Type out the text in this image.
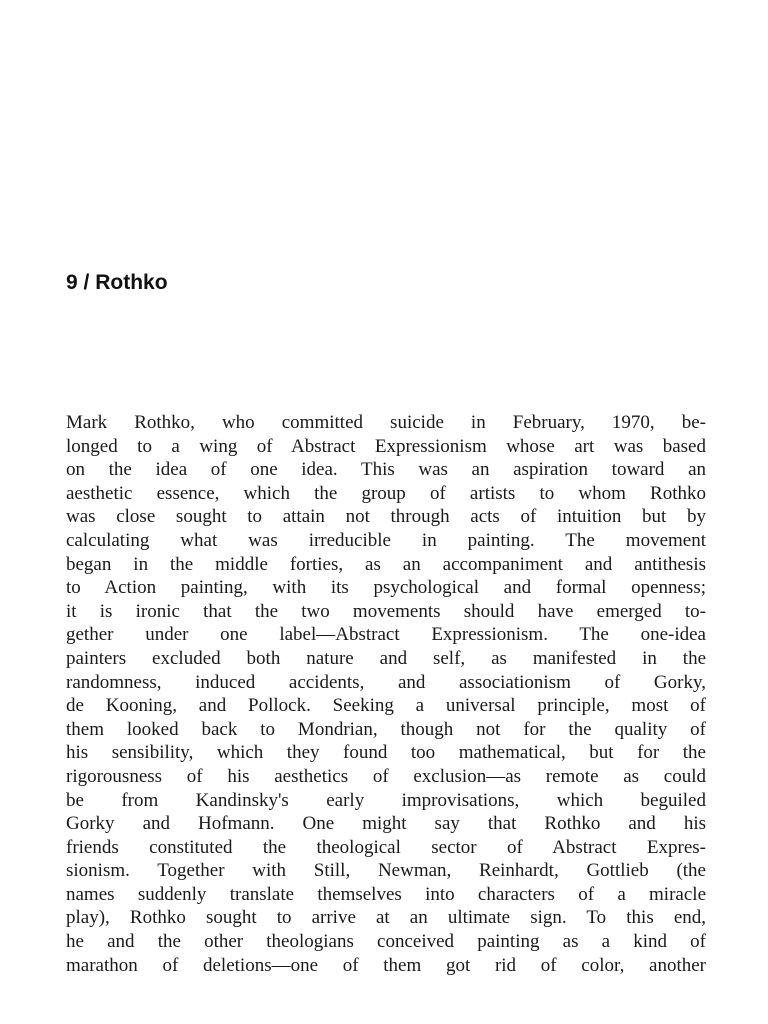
9 / Rothko
Mark Rothko, who committed suicide in February, 1970, be-
longed to a wing of Abstract Expressionism whose art was based
on the idea of one idea. This was an aspiration toward an
aesthetic essence, which the group of artists to whom Rothko
was close sought to attain not through acts of intuition but by
calculating what was irreducible in painting. The movement
began in the middle forties, as an accompaniment and antithesis
to Action painting, with its psychological and formal openness;
it is ironic that the two movements should have emerged to-
gether under one label—Abstract Expressionism. The one-idea
painters excluded both nature and self, as manifested in the
randomness, induced accidents, and associationism of Gorky,
de Kooning, and Pollock. Seeking a universal principle, most of
them looked back to Mondrian, though not for the quality of
his sensibility, which they found too mathematical, but for the
rigorousness of his aesthetics of exclusion—as remote as could
be from Kandinsky's early improvisations, which beguiled
Gorky and Hofmann. One might say that Rothko and his
friends constituted the theological sector of Abstract Expres-
sionism. Together with Still, Newman, Reinhardt, Gottlieb (the
names suddenly translate themselves into characters of a miracle
play), Rothko sought to arrive at an ultimate sign. To this end,
he and the other theologians conceived painting as a kind of
marathon of deletions—one of them got rid of color, another
